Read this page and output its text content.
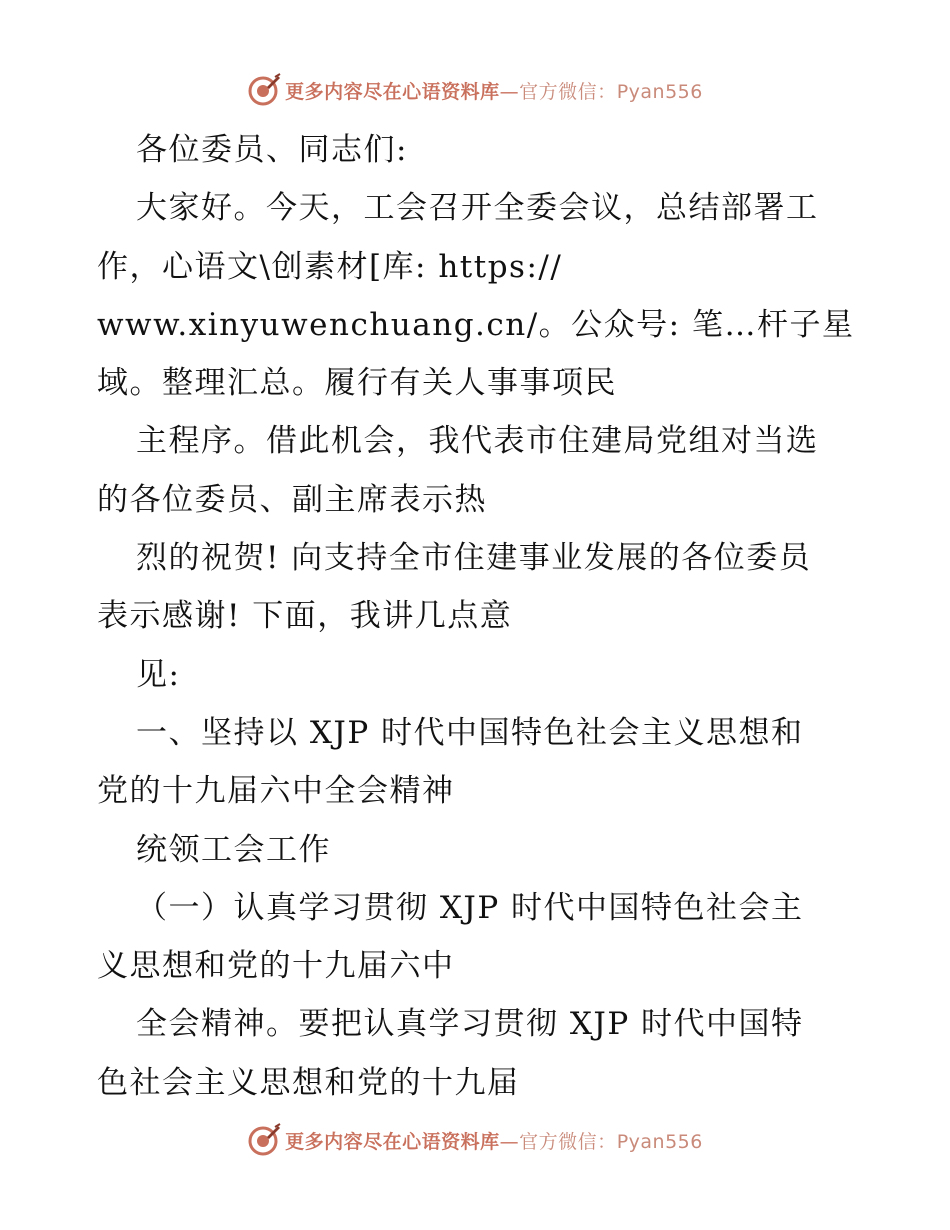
更多内容尽在心语资料库—官方微信：Pyan556
各位委员、同志们:
大家好。今天，工会召开全委会议，总结部署工
作，心语文\创素材[库: https://
www.xinyuwenchuang.cn/。公众号: 笔…杆子星
域。整理汇总。履行有关人事事项民
主程序。借此机会，我代表市住建局党组对当选
的各位委员、副主席表示热
烈的祝贺! 向支持全市住建事业发展的各位委员
表示感谢! 下面，我讲几点意
见:
一、坚持以 XJP 时代中国特色社会主义思想和
党的十九届六中全会精神
统领工会工作
（一）认真学习贯彻 XJP 时代中国特色社会主
义思想和党的十九届六中
全会精神。要把认真学习贯彻 XJP 时代中国特
色社会主义思想和党的十九届
更多内容尽在心语资料库—官方微信：Pyan556
